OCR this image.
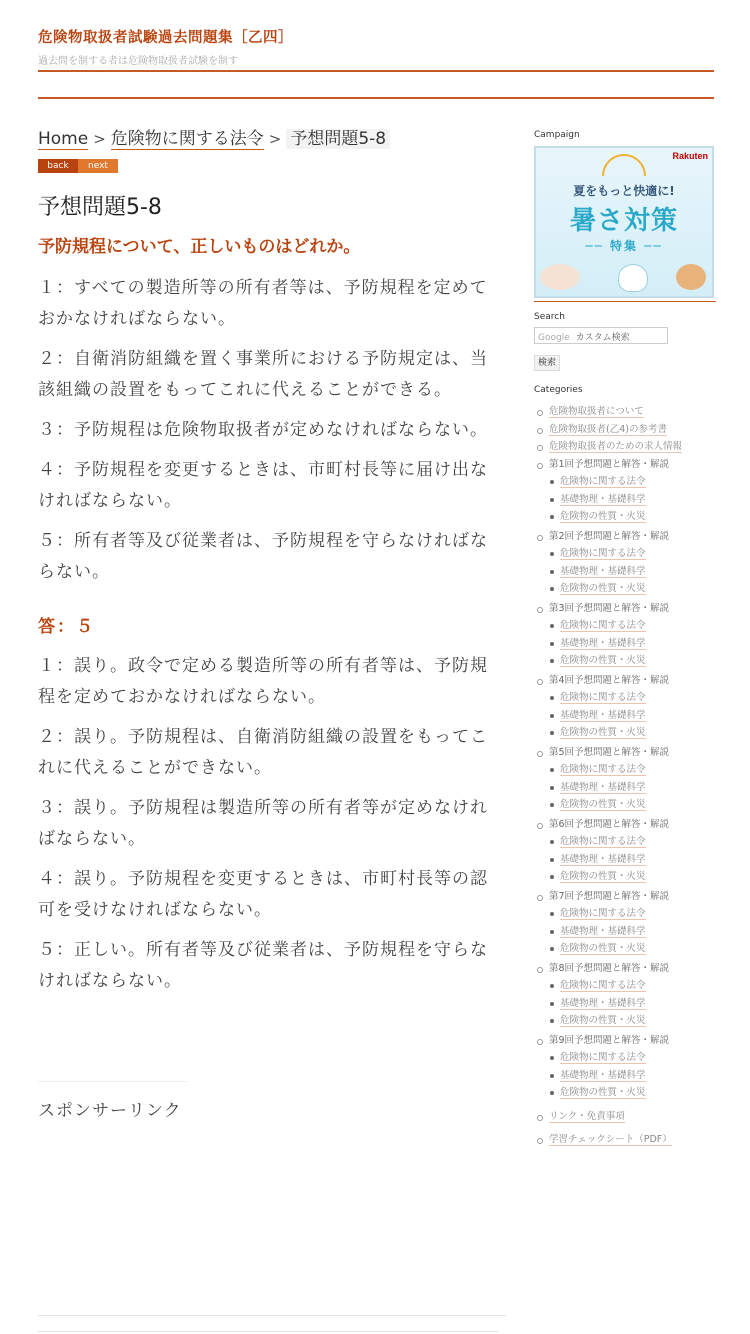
危険物取扱者試験過去問題集［乙四］
過去問を制する者は危険物取扱者試験を制す
Home > 危険物に関する法令 > 予想問題5-8
back	next
予想問題5-8
予防規程について、正しいものはどれか。

１：すべての製造所等の所有者等は、予防規程を定めておかなければならない。

２：自衛消防組織を置く事業所における予防規定は、当該組織の設置をもってこれに代えることができる。

３：予防規程は危険物取扱者が定めなければならない。

４：予防規程を変更するときは、市町村長等に届け出なければならない。

５：所有者等及び従業者は、予防規程を守らなければならない。

答：５

１：誤り。政令で定める製造所等の所有者等は、予防規程を定めておかなければならない。

２：誤り。予防規程は、自衛消防組織の設置をもってこれに代えることができない。

３：誤り。予防規程は製造所等の所有者等が定めなければならない。

４：誤り。予防規程を変更するときは、市町村長等の認可を受けなければならない。

５：正しい。所有者等及び従業者は、予防規程を守らなければならない。

スポンサーリンク
Campaign
Rakuten
夏をもっと快適に!
暑さ対策
── 特集 ──
Search
Google カスタム検索
検索
Categories
危険物取扱者について
危険物取扱者(乙4)の参考書
危険物取扱者のための求人情報
第1回予想問題と解答・解説
危険物に関する法令
基礎物理・基礎科学
危険物の性質・火災
第2回予想問題と解答・解説
危険物に関する法令
基礎物理・基礎科学
危険物の性質・火災
第3回予想問題と解答・解説
危険物に関する法令
基礎物理・基礎科学
危険物の性質・火災
第4回予想問題と解答・解説
危険物に関する法令
基礎物理・基礎科学
危険物の性質・火災
第5回予想問題と解答・解説
危険物に関する法令
基礎物理・基礎科学
危険物の性質・火災
第6回予想問題と解答・解説
危険物に関する法令
基礎物理・基礎科学
危険物の性質・火災
第7回予想問題と解答・解説
危険物に関する法令
基礎物理・基礎科学
危険物の性質・火災
第8回予想問題と解答・解説
危険物に関する法令
基礎物理・基礎科学
危険物の性質・火災
第9回予想問題と解答・解説
危険物に関する法令
基礎物理・基礎科学
危険物の性質・火災
リンク・免責事項
学習チェックシート（PDF）
